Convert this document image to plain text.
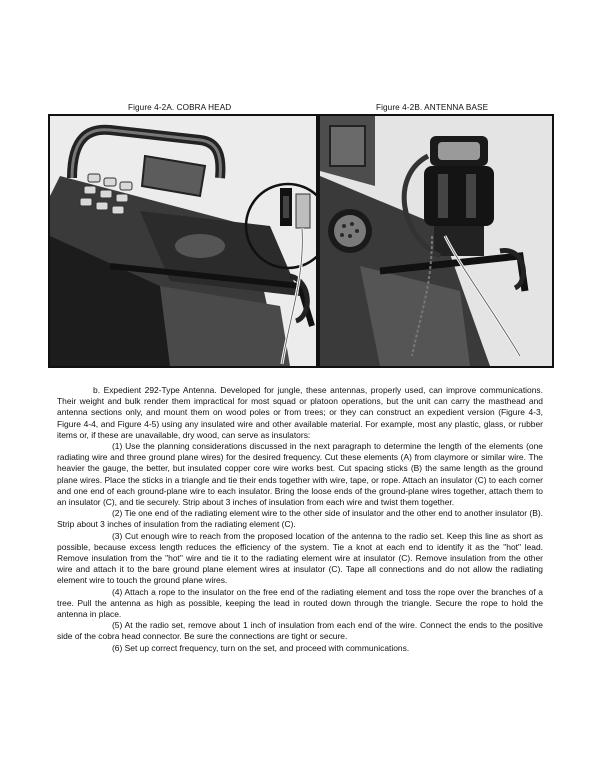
Figure 4-2A. COBRA HEAD	Figure 4-2B. ANTENNA BASE

b. Expedient 292-Type Antenna. Developed for jungle, these antennas, properly used, can improve communications. Their weight and bulk render them impractical for most squad or platoon operations, but the unit can carry the masthead and antenna sections only, and mount them on wood poles or from trees; or they can construct an expedient version (Figure 4-3, Figure 4-4, and Figure 4-5) using any insulated wire and other available material. For example, most any plastic, glass, or rubber items or, if these are unavailable, dry wood, can serve as insulators:

(1) Use the planning considerations discussed in the next paragraph to determine the length of the elements (one radiating wire and three ground plane wires) for the desired frequency. Cut these elements (A) from claymore or similar wire. The heavier the gauge, the better, but insulated copper core wire works best. Cut spacing sticks (B) the same length as the ground plane wires. Place the sticks in a triangle and tie their ends together with wire, tape, or rope. Attach an insulator (C) to each corner and one end of each ground-plane wire to each insulator. Bring the loose ends of the ground-plane wires together, attach them to an insulator (C), and tie securely. Strip about 3 inches of insulation from each wire and twist them together.

(2) Tie one end of the radiating element wire to the other side of insulator and the other end to another insulator (B). Strip about 3 inches of insulation from the radiating element (C).

(3) Cut enough wire to reach from the proposed location of the antenna to the radio set. Keep this line as short as possible, because excess length reduces the efficiency of the system. Tie a knot at each end to identify it as the "hot" lead. Remove insulation from the "hot" wire and tie it to the radiating element wire at insulator (C). Remove insulation from the other wire and attach it to the bare ground plane element wires at insulator (C). Tape all connections and do not allow the radiating element wire to touch the ground plane wires.

(4) Attach a rope to the insulator on the free end of the radiating element and toss the rope over the branches of a tree. Pull the antenna as high as possible, keeping the lead in routed down through the triangle. Secure the rope to hold the antenna in place.

(5) At the radio set, remove about 1 inch of insulation from each end of the wire. Connect the ends to the positive side of the cobra head connector. Be sure the connections are tight or secure.

(6) Set up correct frequency, turn on the set, and proceed with communications.
